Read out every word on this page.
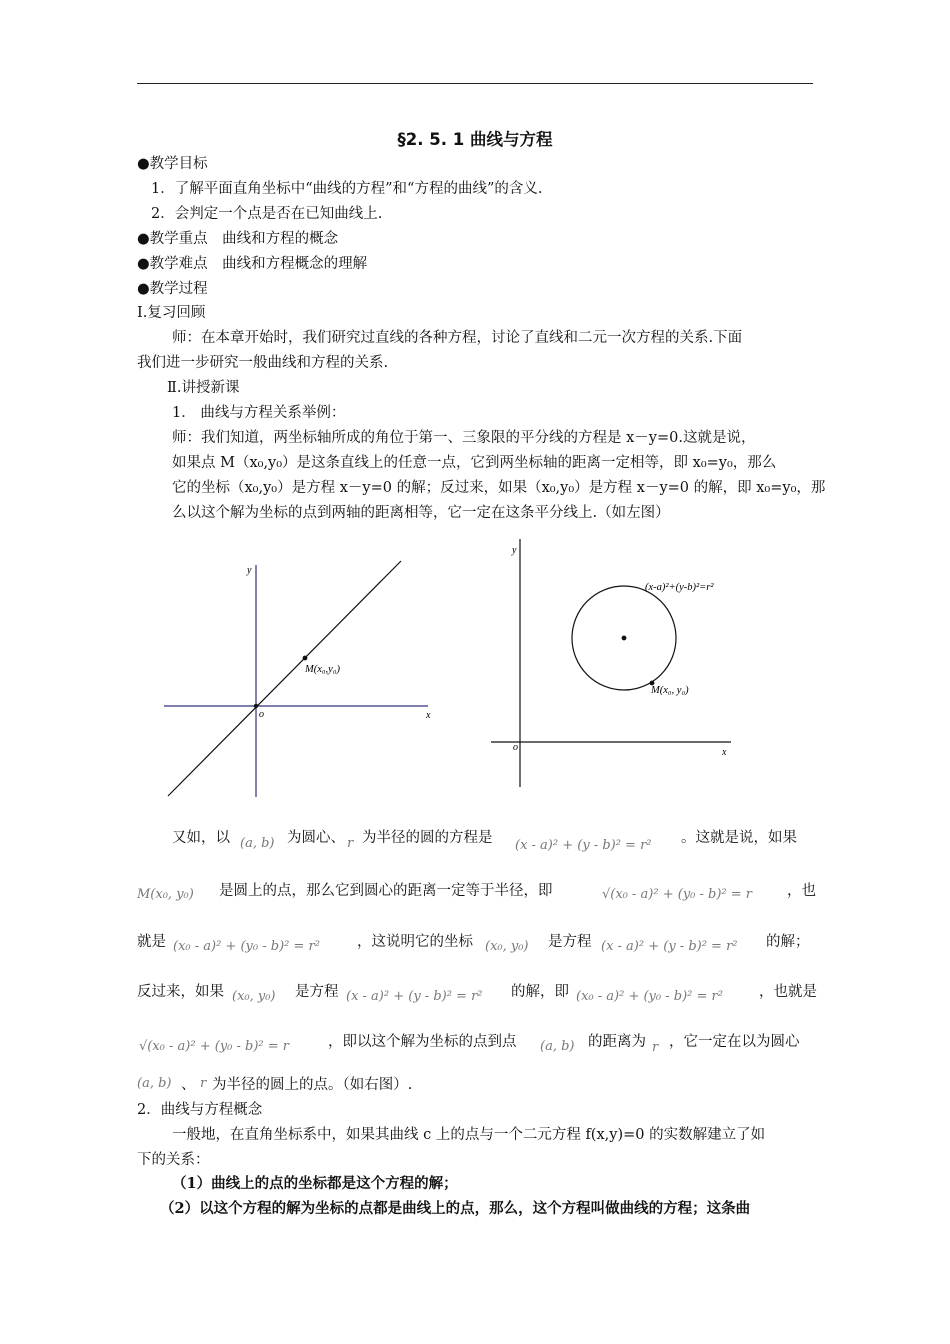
§2. 5. 1 曲线与方程
●教学目标
1．了解平面直角坐标中“曲线的方程”和“方程的曲线”的含义.
2．会判定一个点是否在已知曲线上.
●教学重点　曲线和方程的概念
●教学难点　曲线和方程概念的理解
●教学过程
Ⅰ.复习回顾
师：在本章开始时，我们研究过直线的各种方程，讨论了直线和二元一次方程的关系.下面
我们进一步研究一般曲线和方程的关系.
Ⅱ.讲授新课
1． 曲线与方程关系举例：
师：我们知道，两坐标轴所成的角位于第一、三象限的平分线的方程是 x－y=0.这就是说，
如果点 M（x₀,y₀）是这条直线上的任意一点，它到两坐标轴的距离一定相等，即 x₀=y₀，那么
它的坐标（x₀,y₀）是方程 x－y=0 的解；反过来，如果（x₀,y₀）是方程 x－y=0 的解，即 x₀=y₀，那
么以这个解为坐标的点到两轴的距离相等，它一定在这条平分线上.（如左图）
y
x
o
M(x₀,y₀)
y
x
o
(x-a)²+(y-b)²=r²
M(x₀, y₀)
又如，以 (a, b) 为圆心、 r 为半径的圆的方程是 (x - a)² + (y - b)² = r² 。这就是说，如果
M(x₀, y₀) 是圆上的点，那么它到圆心的距离一定等于半径，即	√(x₀ - a)² + (y₀ - b)² = r ，也
就是 (x₀ - a)² + (y₀ - b)² = r²	，这说明它的坐标 (x₀, y₀) 是方程 (x - a)² + (y - b)² = r² 的解；
反过来，如果 (x₀, y₀) 是方程 (x - a)² + (y - b)² = r² 的解，即 (x₀ - a)² + (y₀ - b)² = r² ，也就是
√(x₀ - a)² + (y₀ - b)² = r	，即以这个解为坐标的点到点 (a, b) 的距离为 r ，它一定在以为圆心
(a, b) 、 r 为半径的圆上的点。（如右图）.
2．曲线与方程概念
一般地，在直角坐标系中，如果其曲线 c 上的点与一个二元方程 f(x,y)=0 的实数解建立了如
下的关系：
（1）曲线上的点的坐标都是这个方程的解；
（2）以这个方程的解为坐标的点都是曲线上的点，那么，这个方程叫做曲线的方程；这条曲
